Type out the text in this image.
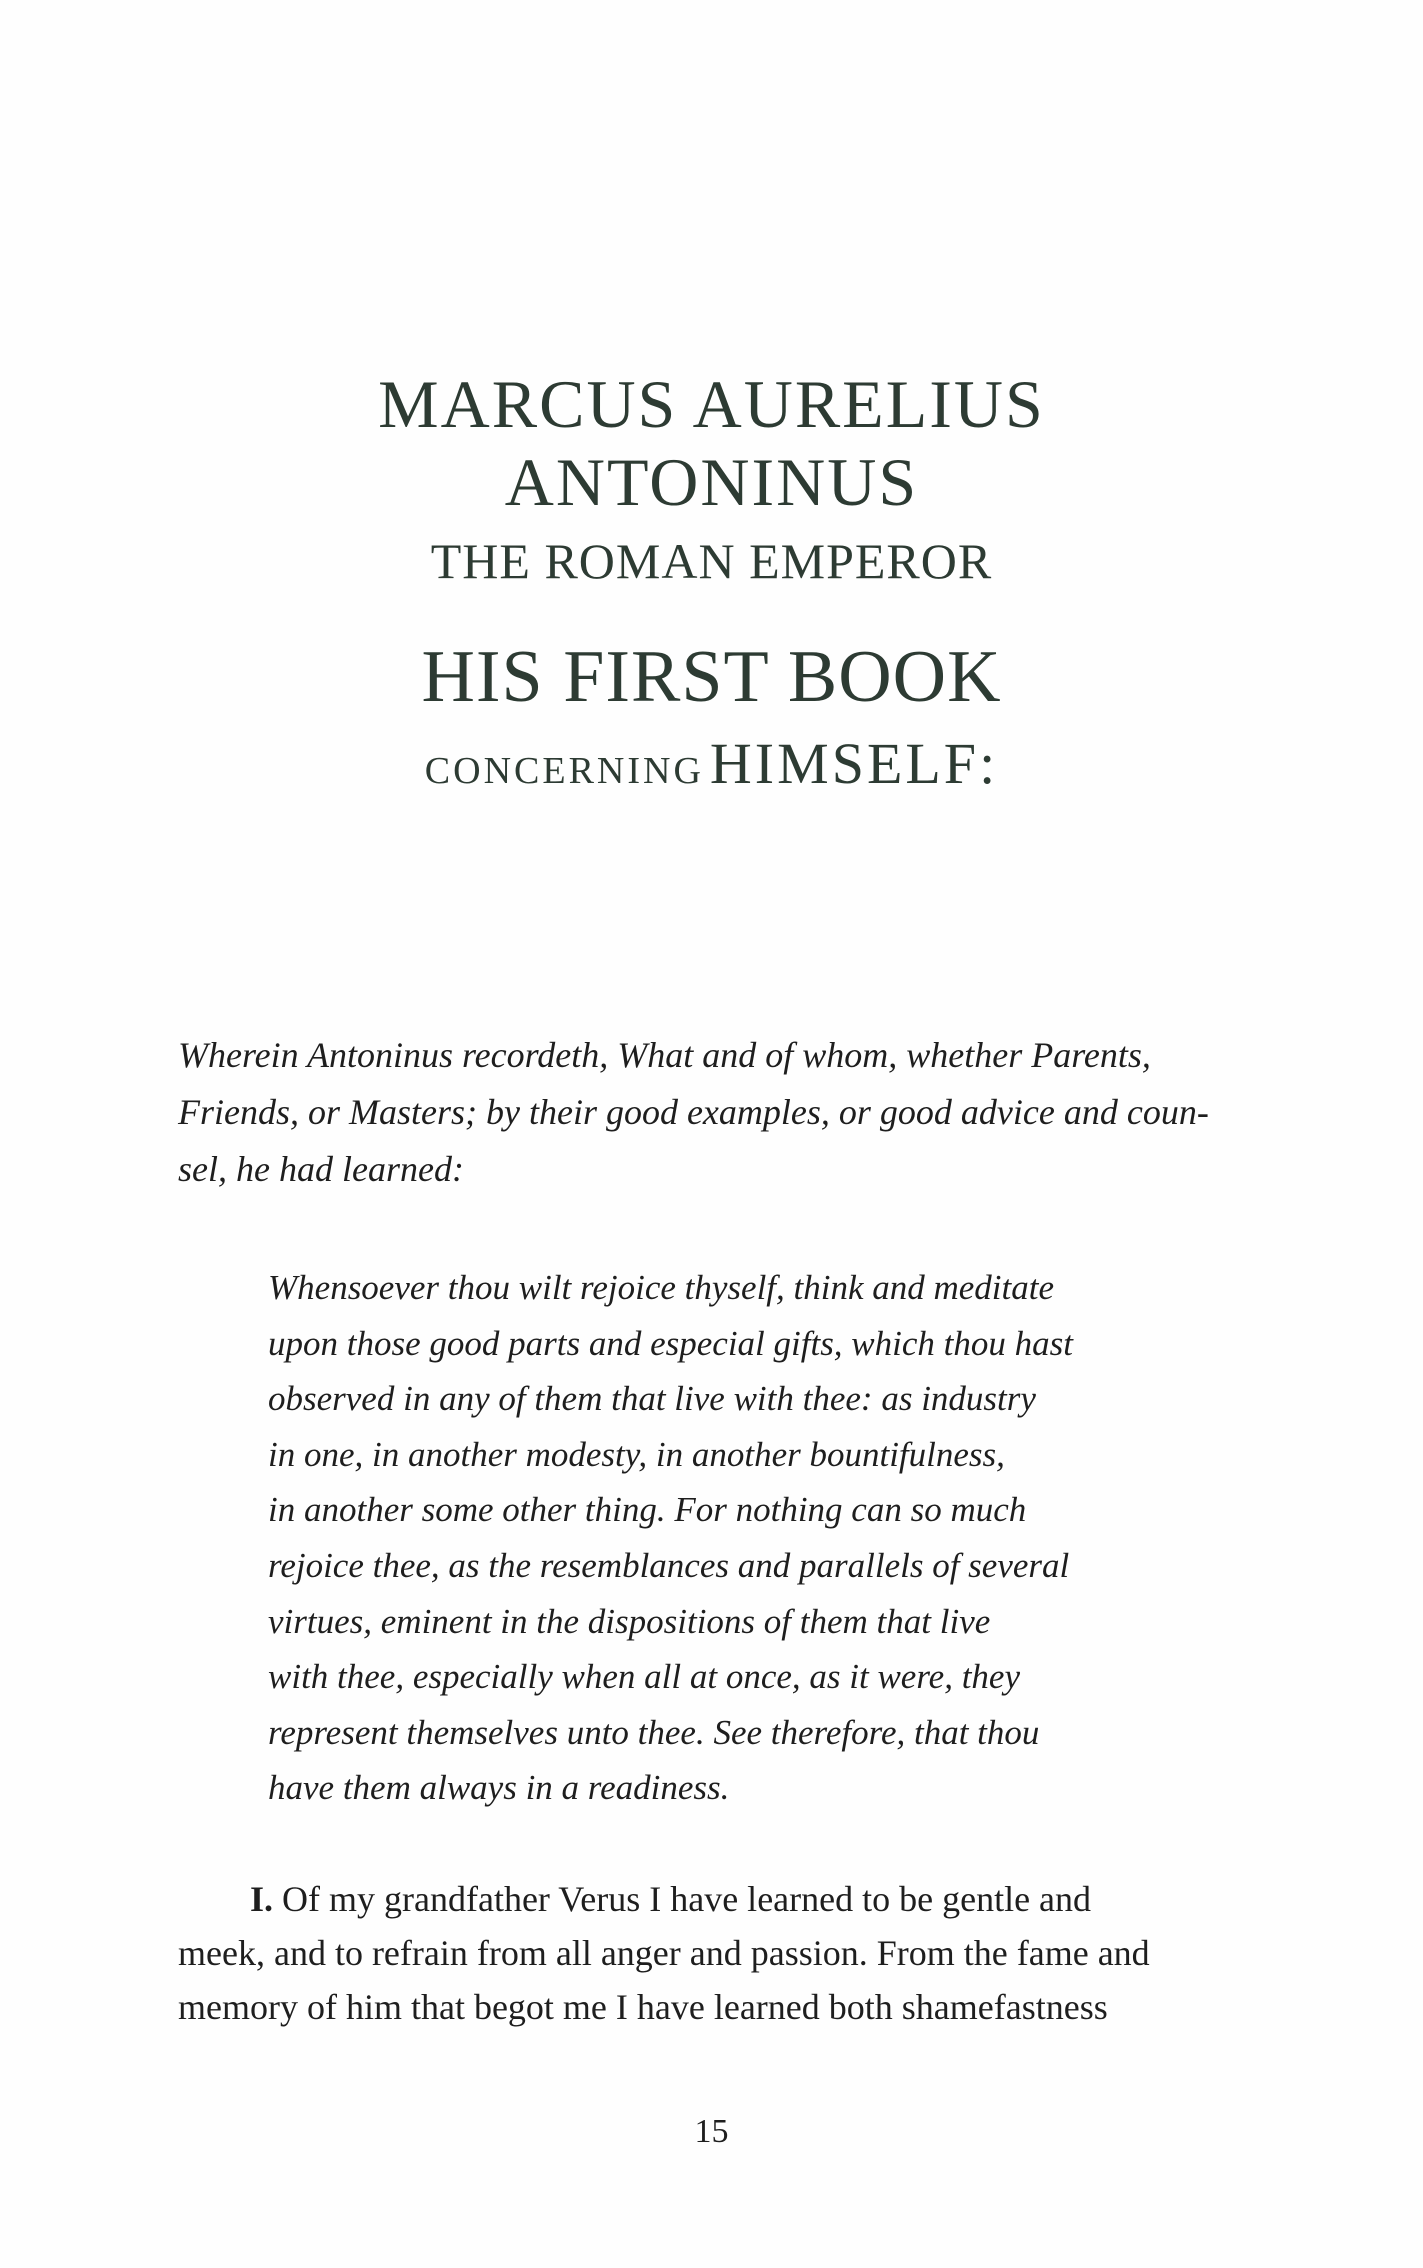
MARCUS AURELIUS
ANTONINUS
THE ROMAN EMPEROR
HIS FIRST BOOK
CONCERNING HIMSELF:
Wherein Antoninus recordeth, What and of whom, whether Parents,
Friends, or Masters; by their good examples, or good advice and coun-
sel, he had learned:
Whensoever thou wilt rejoice thyself, think and meditate
upon those good parts and especial gifts, which thou hast
observed in any of them that live with thee: as industry
in one, in another modesty, in another bountifulness,
in another some other thing. For nothing can so much
rejoice thee, as the resemblances and parallels of several
virtues, eminent in the dispositions of them that live
with thee, especially when all at once, as it were, they
represent themselves unto thee. See therefore, that thou
have them always in a readiness.
I. Of my grandfather Verus I have learned to be gentle and
meek, and to refrain from all anger and passion. From the fame and
memory of him that begot me I have learned both shamefastness
15
